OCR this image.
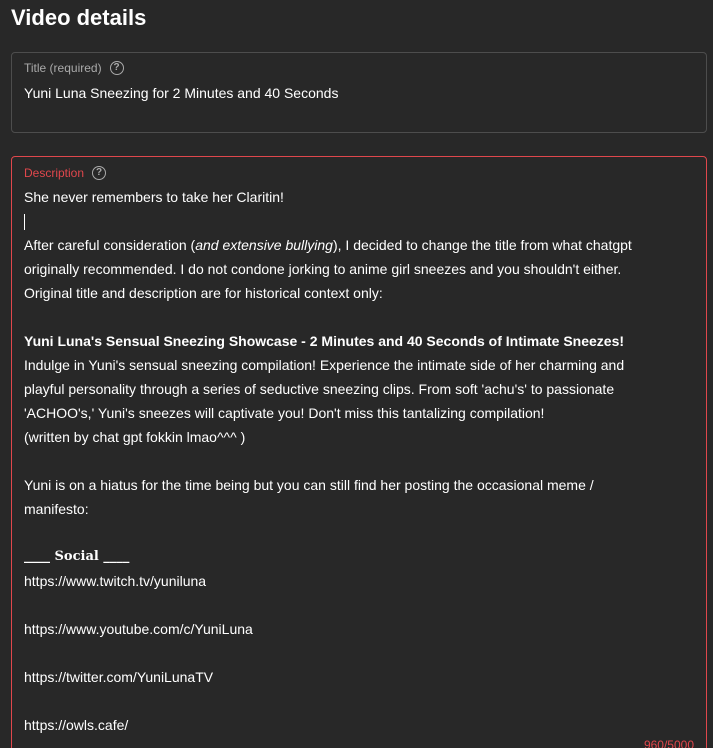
Video details
Title (required)	?
Yuni Luna Sneezing for 2 Minutes and 40 Seconds
Description	?
She never remembers to take her Claritin!
After careful consideration (and extensive bullying), I decided to change the title from what chatgpt
originally recommended. I do not condone jorking to anime girl sneezes and you shouldn't either.
Original title and description are for historical context only:
Yuni Luna's Sensual Sneezing Showcase - 2 Minutes and 40 Seconds of Intimate Sneezes!
Indulge in Yuni's sensual sneezing compilation! Experience the intimate side of her charming and
playful personality through a series of seductive sneezing clips. From soft 'achu's' to passionate
'ACHOO's,' Yuni's sneezes will captivate you! Don't miss this tantalizing compilation!
(written by chat gpt fokkin lmao^^^ )
Yuni is on a hiatus for the time being but you can still find her posting the occasional meme /
manifesto:
____ Social ____
https://www.twitch.tv/yuniluna
https://www.youtube.com/c/YuniLuna
https://twitter.com/YuniLunaTV
https://owls.cafe/
960/5000
